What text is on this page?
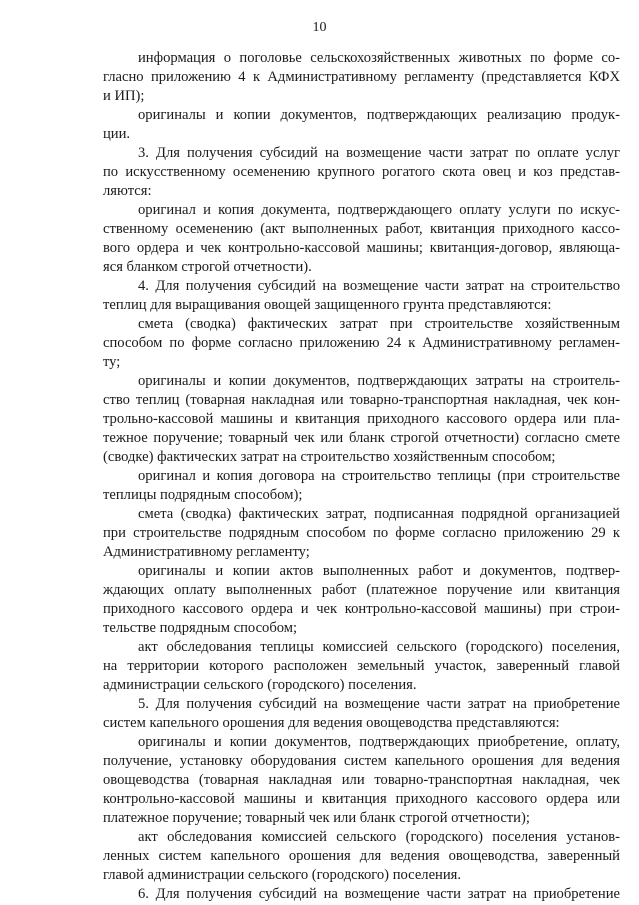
10
информация о поголовье сельскохозяйственных животных по форме со-
гласно приложению 4 к Административному регламенту (представляется КФХ
и ИП);
оригиналы и копии документов, подтверждающих реализацию продук-
ции.
3. Для получения субсидий на возмещение части затрат по оплате услуг
по искусственному осеменению крупного рогатого скота овец и коз представ-
ляются:
оригинал и копия документа, подтверждающего оплату услуги по искус-
ственному осеменению (акт выполненных работ, квитанция приходного кассо-
вого ордера и чек контрольно-кассовой машины; квитанция-договор, являюща-
яся бланком строгой отчетности).
4. Для получения субсидий на возмещение части затрат на строительство
теплиц для выращивания овощей защищенного грунта представляются:
смета (сводка) фактических затрат при строительстве хозяйственным
способом по форме согласно приложению 24 к Административному регламен-
ту;
оригиналы и копии документов, подтверждающих затраты на строитель-
ство теплиц (товарная накладная или товарно-транспортная накладная, чек кон-
трольно-кассовой машины и квитанция приходного кассового ордера или пла-
тежное поручение; товарный чек или бланк строгой отчетности) согласно смете
(сводке) фактических затрат на строительство хозяйственным способом;
оригинал и копия договора на строительство теплицы (при строительстве
теплицы подрядным способом);
смета (сводка) фактических затрат, подписанная подрядной организацией
при строительстве подрядным способом по форме согласно приложению 29 к
Административному регламенту;
оригиналы и копии актов выполненных работ и документов, подтвер-
ждающих оплату выполненных работ (платежное поручение или квитанция
приходного кассового ордера и чек контрольно-кассовой машины) при строи-
тельстве подрядным способом;
акт обследования теплицы комиссией сельского (городского) поселения,
на территории которого расположен земельный участок, заверенный главой
администрации сельского (городского) поселения.
5. Для получения субсидий на возмещение части затрат на приобретение
систем капельного орошения для ведения овощеводства представляются:
оригиналы и копии документов, подтверждающих приобретение, оплату,
получение, установку оборудования систем капельного орошения для ведения
овощеводства (товарная накладная или товарно-транспортная накладная, чек
контрольно-кассовой машины и квитанция приходного кассового ордера или
платежное поручение; товарный чек или бланк строгой отчетности);
акт обследования комиссией сельского (городского) поселения установ-
ленных систем капельного орошения для ведения овощеводства, заверенный
главой администрации сельского (городского) поселения.
6. Для получения субсидий на возмещение части затрат на приобретение
